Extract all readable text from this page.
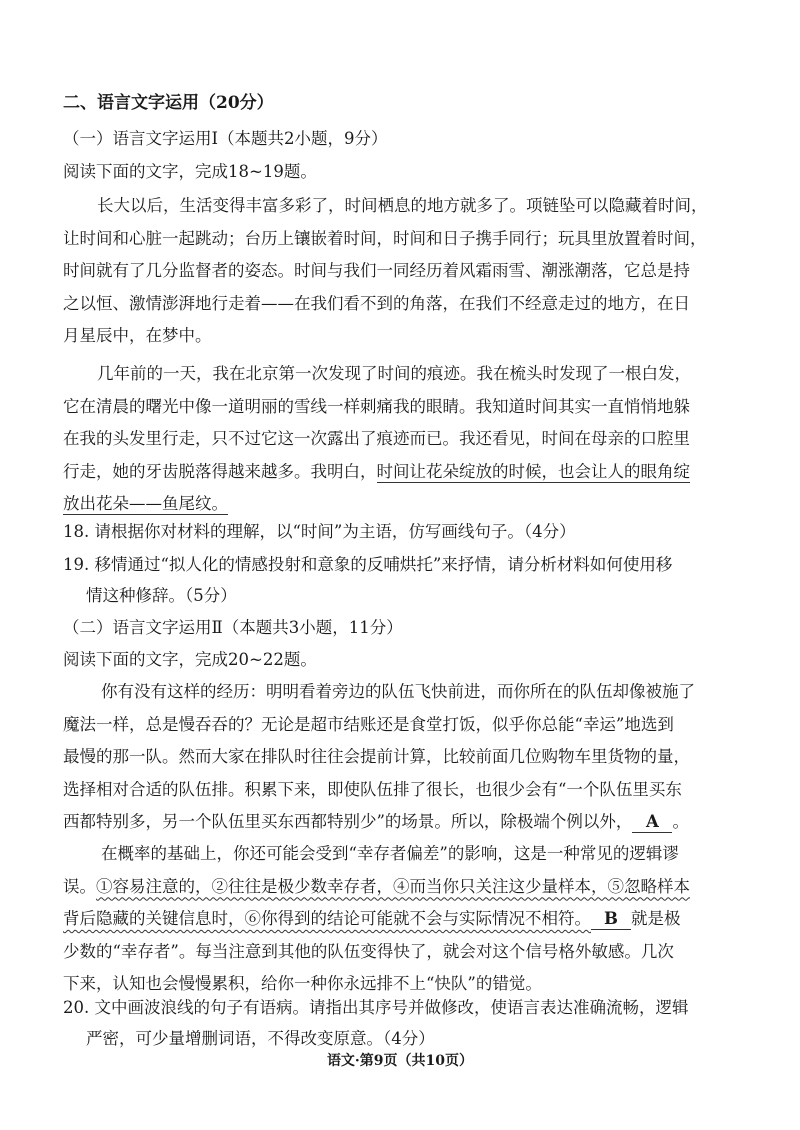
二、语言文字运用（20分）
（一）语言文字运用Ⅰ（本题共2小题，9分）
阅读下面的文字，完成18~19题。

长大以后，生活变得丰富多彩了，时间栖息的地方就多了。项链坠可以隐藏着时间，

让时间和心脏一起跳动；台历上镶嵌着时间，时间和日子携手同行；玩具里放置着时间，

时间就有了几分监督者的姿态。时间与我们一同经历着风霜雨雪、潮涨潮落，它总是持

之以恒、激情澎湃地行走着——在我们看不到的角落，在我们不经意走过的地方，在日

月星辰中，在梦中。

几年前的一天，我在北京第一次发现了时间的痕迹。我在梳头时发现了一根白发，

它在清晨的曙光中像一道明丽的雪线一样刺痛我的眼睛。我知道时间其实一直悄悄地躲

在我的头发里行走，只不过它这一次露出了痕迹而已。我还看见，时间在母亲的口腔里

行走，她的牙齿脱落得越来越多。我明白，时间让花朵绽放的时候，也会让人的眼角绽

放出花朵——鱼尾纹。

18. 请根据你对材料的理解，以“时间”为主语，仿写画线句子。（4分）
19. 移情通过“拟人化的情感投射和意象的反哺烘托”来抒情，请分析材料如何使用移
情这种修辞。（5分）
（二）语言文字运用Ⅱ（本题共3小题，11分）
阅读下面的文字，完成20~22题。

你有没有这样的经历：明明看着旁边的队伍飞快前进，而你所在的队伍却像被施了

魔法一样，总是慢吞吞的？无论是超市结账还是食堂打饭，似乎你总能“幸运”地选到

最慢的那一队。然而大家在排队时往往会提前计算，比较前面几位购物车里货物的量，

选择相对合适的队伍排。积累下来，即使队伍排了很长，也很少会有“一个队伍里买东

西都特别多，另一个队伍里买东西都特别少”的场景。所以，除极端个例以外， A 。

在概率的基础上，你还可能会受到“幸存者偏差”的影响，这是一种常见的逻辑谬

误。①容易注意的，②往往是极少数幸存者，④而当你只关注这少量样本，⑤忽略样本

背后隐藏的关键信息时，⑥你得到的结论可能就不会与实际情况不相符。 B 就是极

少数的“幸存者”。每当注意到其他的队伍变得快了，就会对这个信号格外敏感。几次

下来，认知也会慢慢累积，给你一种你永远排不上“快队”的错觉。

20. 文中画波浪线的句子有语病。请指出其序号并做修改，使语言表达准确流畅，逻辑
严密，可少量增删词语，不得改变原意。（4分）
语文·第9页（共10页）
